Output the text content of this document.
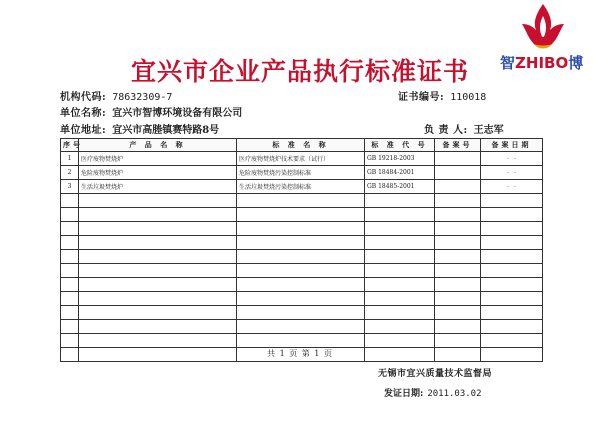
智ZHIBO博
宜兴市企业产品执行标准证书
机构代码: 78632309-7	证书编号: 110018
单位名称: 宜兴市智博环境设备有限公司
单位地址: 宜兴市高塍镇赛特路8号	负 责 人: 王志军
序号	产 品 名 称	标 准 名 称	标 准 代 号	备案号	备案日期
1	医疗废物焚烧炉	医疗废物焚烧炉技术要求（试行）	GB 19218-2003		- -
2	危险废物焚烧炉	危险废物焚烧污染控制标准	GB 18484-2001		- -
3	生活垃圾焚烧炉	生活垃圾焚烧污染控制标准	GB 18485-2001		- -

共 1 页 第 1 页
无锡市宜兴质量技术监督局
发证日期: 2011.03.02
